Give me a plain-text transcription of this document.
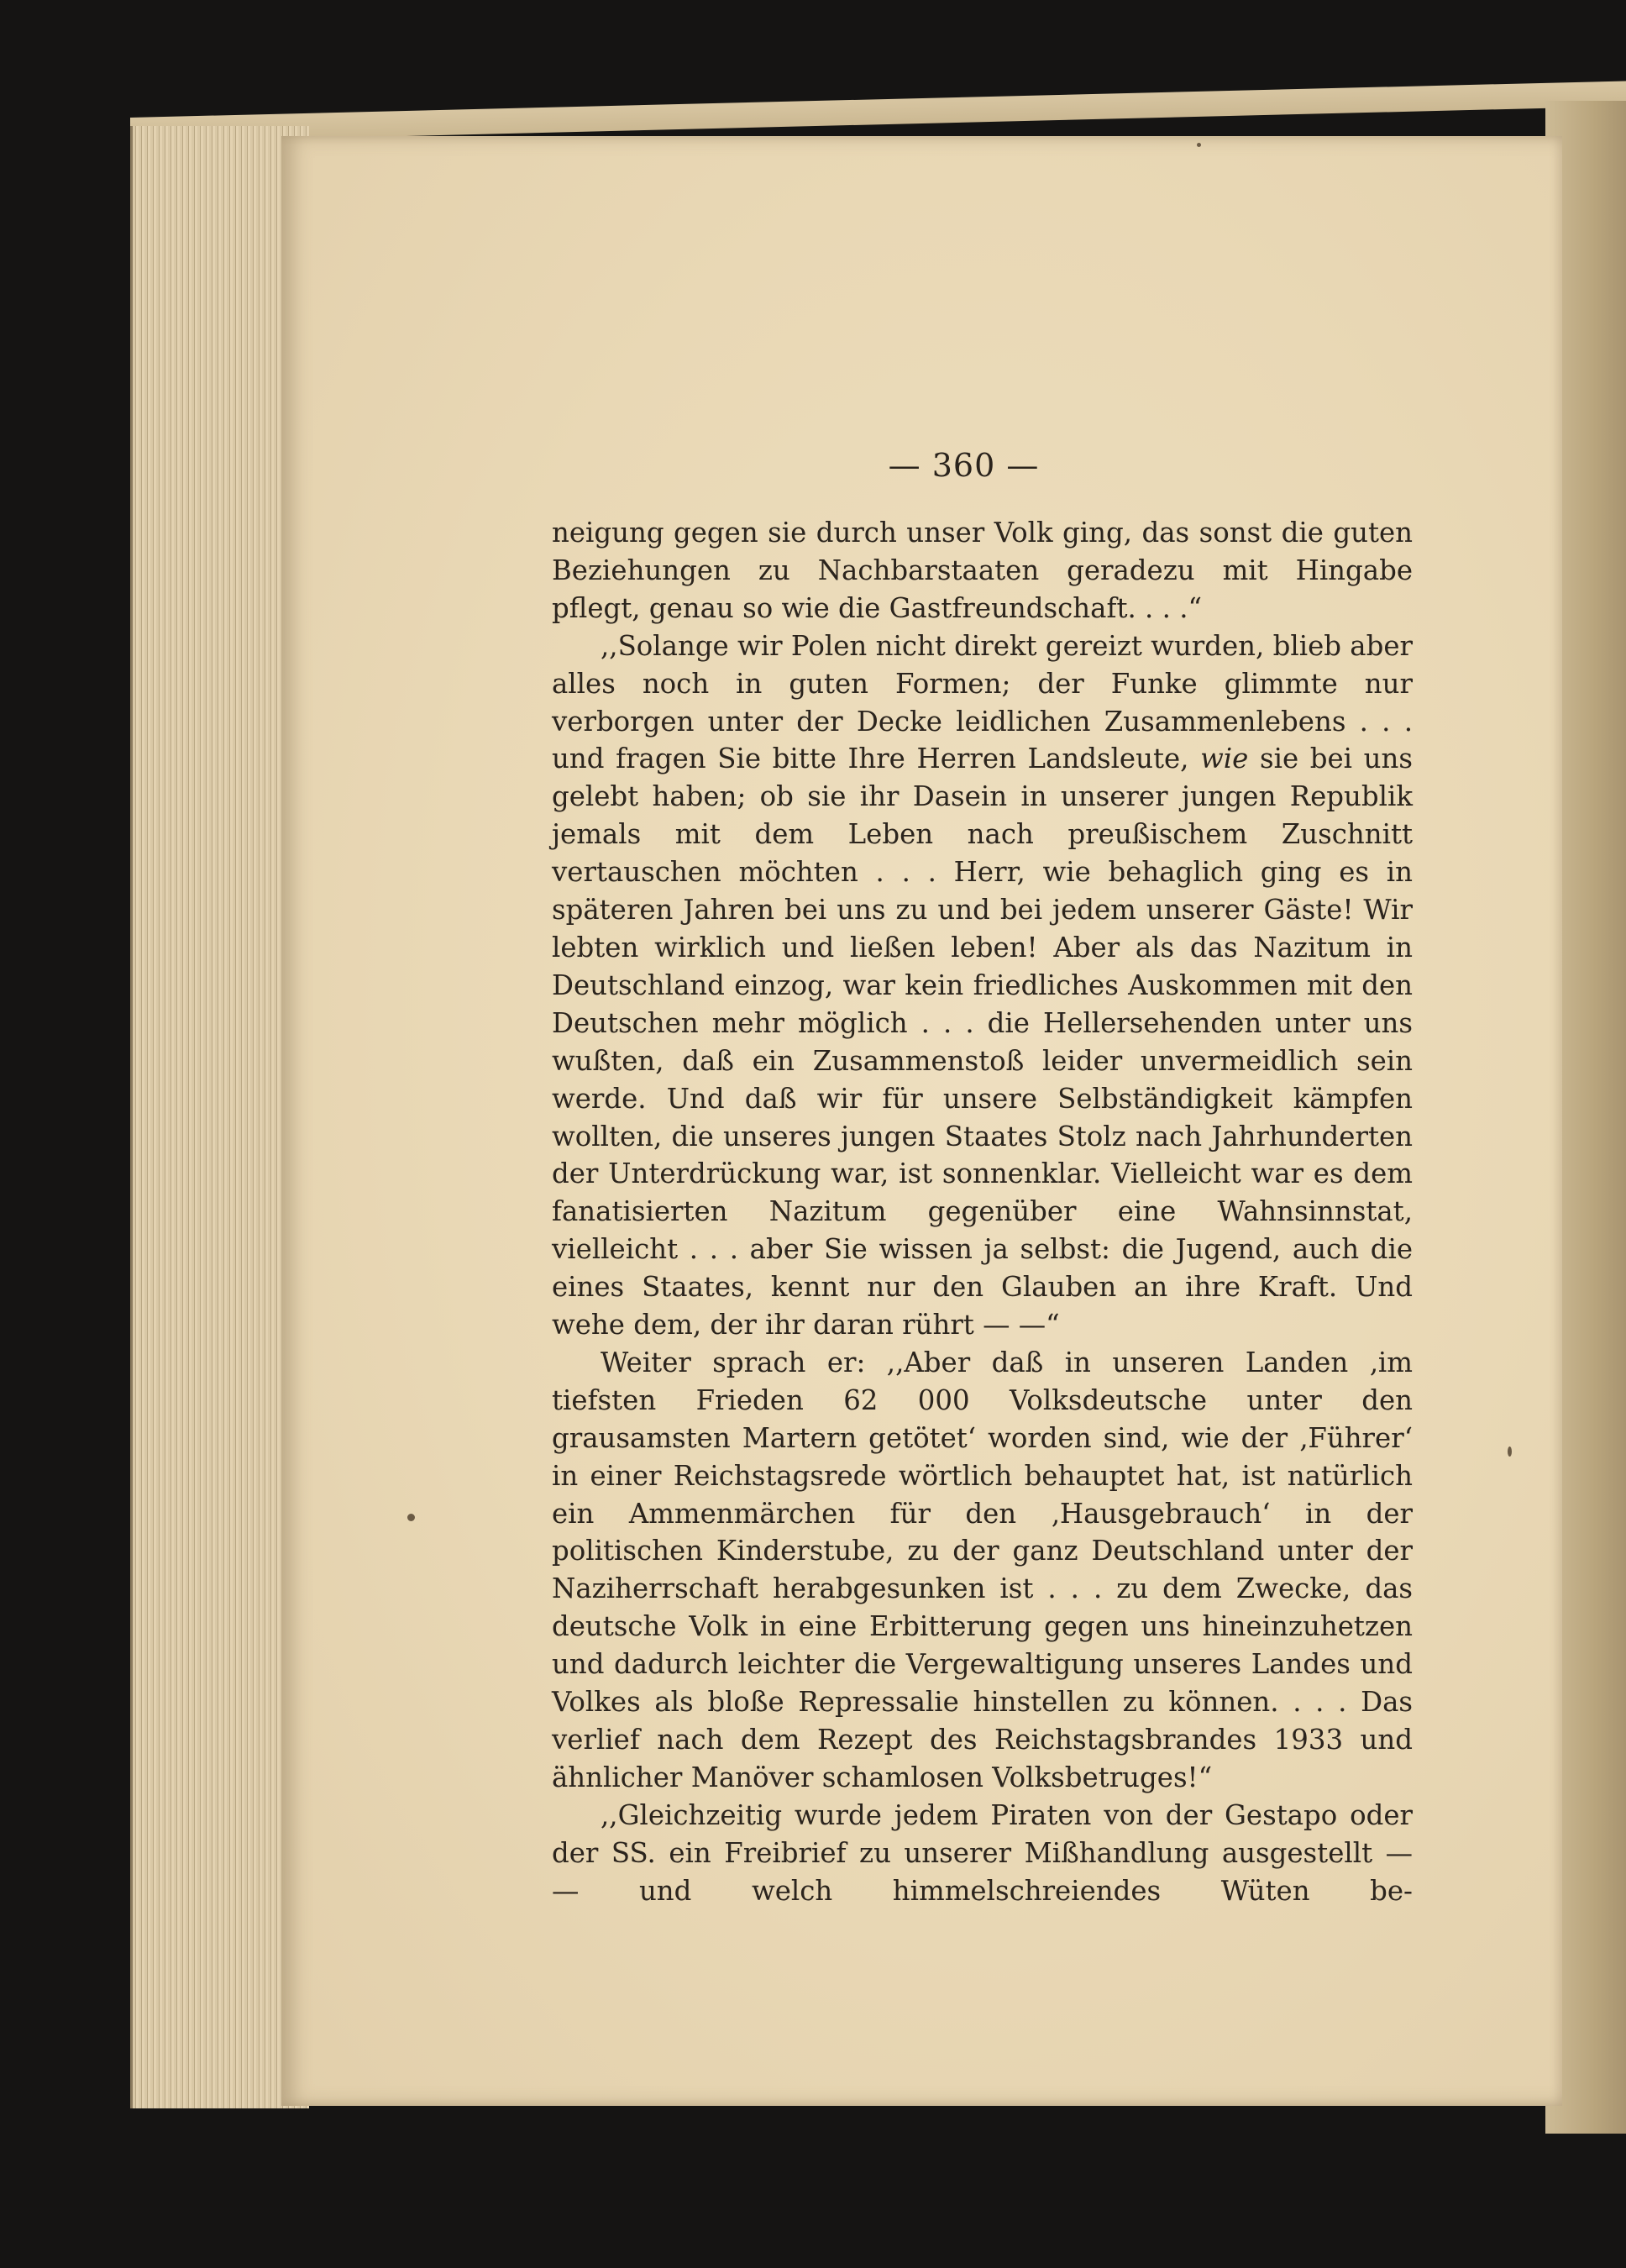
— 360 —

neigung gegen sie durch unser Volk ging, das sonst die guten Beziehungen zu Nachbarstaaten geradezu mit Hingabe pflegt, genau so wie die Gastfreundschaft. . . .“

,,Solange wir Polen nicht direkt gereizt wurden, blieb aber alles noch in guten Formen; der Funke glimmte nur verborgen unter der Decke leidlichen Zusammenlebens . . . und fragen Sie bitte Ihre Herren Landsleute, wie sie bei uns gelebt haben; ob sie ihr Dasein in unserer jungen Republik jemals mit dem Leben nach preußischem Zuschnitt vertauschen möchten . . . Herr, wie behaglich ging es in späteren Jahren bei uns zu und bei jedem unserer Gäste! Wir lebten wirklich und ließen leben! Aber als das Nazitum in Deutschland einzog, war kein friedliches Auskommen mit den Deutschen mehr möglich . . . die Hellersehenden unter uns wußten, daß ein Zusammenstoß leider unvermeidlich sein werde. Und daß wir für unsere Selbständigkeit kämpfen wollten, die unseres jungen Staates Stolz nach Jahrhunderten der Unterdrückung war, ist sonnenklar. Vielleicht war es dem fanatisierten Nazitum gegenüber eine Wahnsinnstat, vielleicht . . . aber Sie wissen ja selbst: die Jugend, auch die eines Staates, kennt nur den Glauben an ihre Kraft. Und wehe dem, der ihr daran rührt — —“

Weiter sprach er: ,,Aber daß in unseren Landen ‚im tiefsten Frieden 62 000 Volksdeutsche unter den grausamsten Martern getötet‘ worden sind, wie der ‚Führer‘ in einer Reichstagsrede wörtlich behauptet hat, ist natürlich ein Ammenmärchen für den ‚Hausgebrauch‘ in der politischen Kinderstube, zu der ganz Deutschland unter der Naziherrschaft herabgesunken ist . . . zu dem Zwecke, das deutsche Volk in eine Erbitterung gegen uns hineinzuhetzen und dadurch leichter die Vergewaltigung unseres Landes und Volkes als bloße Repressalie hinstellen zu können. . . . Das verlief nach dem Rezept des Reichstagsbrandes 1933 und ähnlicher Manöver schamlosen Volksbetruges!“

,,Gleichzeitig wurde jedem Piraten von der Gestapo oder der SS. ein Freibrief zu unserer Mißhandlung ausgestellt — — und welch himmelschreiendes Wüten be-
